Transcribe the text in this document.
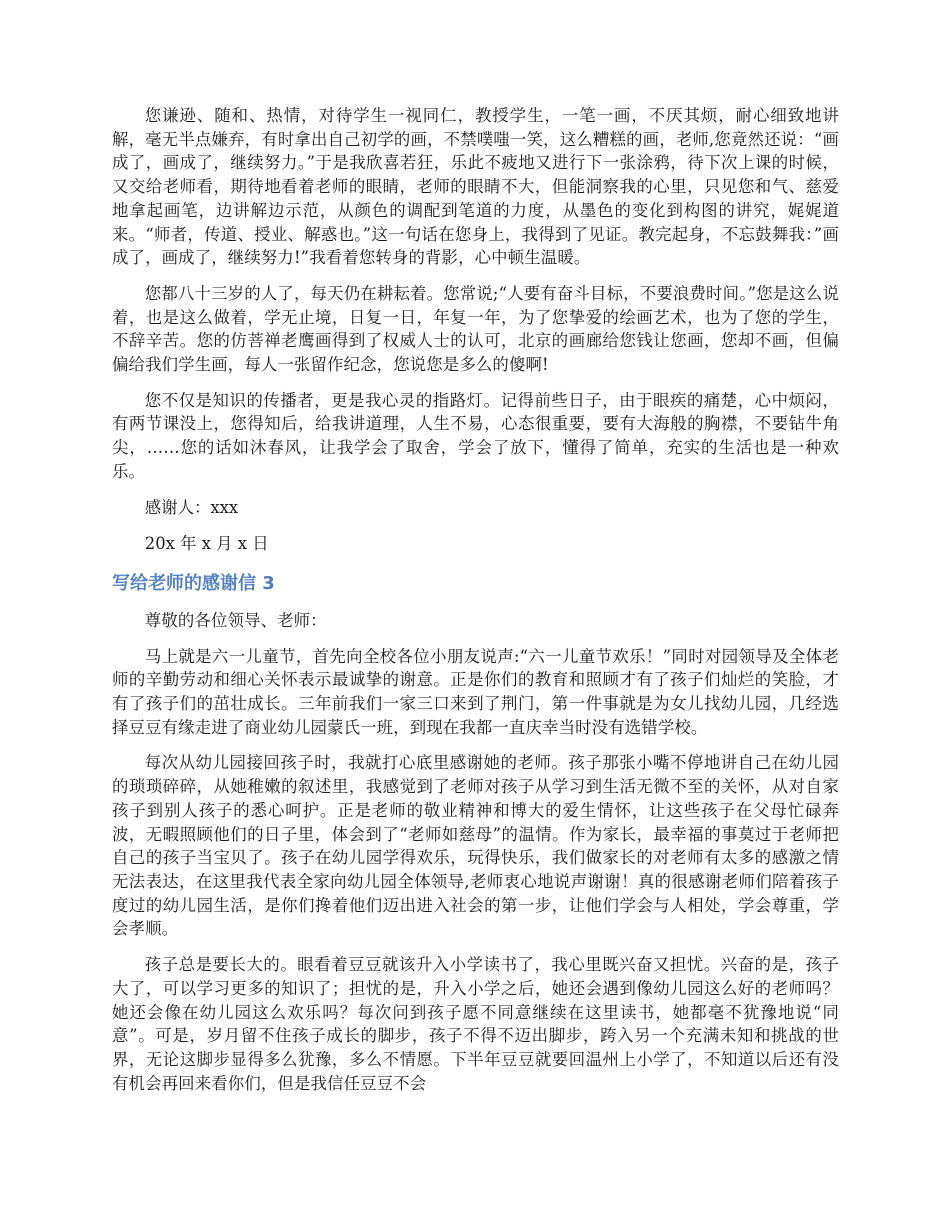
您谦逊、随和、热情，对待学生一视同仁，教授学生，一笔一画，不厌其烦，耐心细致地讲解，毫无半点嫌弃，有时拿出自己初学的画，不禁噗嗤一笑，这么糟糕的画，老师,您竟然还说：“画成了，画成了，继续努力。”于是我欣喜若狂，乐此不疲地又进行下一张涂鸦，待下次上课的时候，又交给老师看，期待地看着老师的眼睛，老师的眼睛不大，但能洞察我的心里，只见您和气、慈爱地拿起画笔，边讲解边示范，从颜色的调配到笔道的力度，从墨色的变化到构图的讲究，娓娓道来。“师者，传道、授业、解惑也。”这一句话在您身上，我得到了见证。教完起身，不忘鼓舞我：”画成了，画成了，继续努力!”我看着您转身的背影，心中顿生温暖。

您都八十三岁的人了，每天仍在耕耘着。您常说;“人要有奋斗目标，不要浪费时间。”您是这么说着，也是这么做着，学无止境，日复一日，年复一年，为了您挚爱的绘画艺术，也为了您的学生，不辞辛苦。您的仿菩禅老鹰画得到了权威人士的认可，北京的画廊给您钱让您画，您却不画，但偏偏给我们学生画，每人一张留作纪念，您说您是多么的傻啊!

您不仅是知识的传播者，更是我心灵的指路灯。记得前些日子，由于眼疾的痛楚，心中烦闷，有两节课没上，您得知后，给我讲道理，人生不易，心态很重要，要有大海般的胸襟，不要钻牛角尖，……您的话如沐春风，让我学会了取舍，学会了放下，懂得了简单，充实的生活也是一种欢乐。

感谢人：xxx

20x 年 x 月 x 日

写给老师的感谢信 3

尊敬的各位领导、老师：

马上就是六一儿童节，首先向全校各位小朋友说声:“六一儿童节欢乐！”同时对园领导及全体老师的辛勤劳动和细心关怀表示最诚挚的谢意。正是你们的教育和照顾才有了孩子们灿烂的笑脸，才有了孩子们的茁壮成长。三年前我们一家三口来到了荆门，第一件事就是为女儿找幼儿园，几经选择豆豆有缘走进了商业幼儿园蒙氏一班，到现在我都一直庆幸当时没有选错学校。

每次从幼儿园接回孩子时，我就打心底里感谢她的老师。孩子那张小嘴不停地讲自己在幼儿园的琐琐碎碎，从她稚嫩的叙述里，我感觉到了老师对孩子从学习到生活无微不至的关怀，从对自家孩子到别人孩子的悉心呵护。正是老师的敬业精神和博大的爱生情怀，让这些孩子在父母忙碌奔波，无暇照顾他们的日子里，体会到了“老师如慈母”的温情。作为家长，最幸福的事莫过于老师把自己的孩子当宝贝了。孩子在幼儿园学得欢乐，玩得快乐，我们做家长的对老师有太多的感激之情无法表达，在这里我代表全家向幼儿园全体领导,老师衷心地说声谢谢！真的很感谢老师们陪着孩子度过的幼儿园生活，是你们搀着他们迈出进入社会的第一步，让他们学会与人相处，学会尊重，学会孝顺。

孩子总是要长大的。眼看着豆豆就该升入小学读书了，我心里既兴奋又担忧。兴奋的是，孩子大了，可以学习更多的知识了；担忧的是，升入小学之后，她还会遇到像幼儿园这么好的老师吗？她还会像在幼儿园这么欢乐吗？每次问到孩子愿不同意继续在这里读书，她都毫不犹豫地说“同意”。可是，岁月留不住孩子成长的脚步，孩子不得不迈出脚步，跨入另一个充满未知和挑战的世界，无论这脚步显得多么犹豫，多么不情愿。下半年豆豆就要回温州上小学了，不知道以后还有没有机会再回来看你们，但是我信任豆豆不会
